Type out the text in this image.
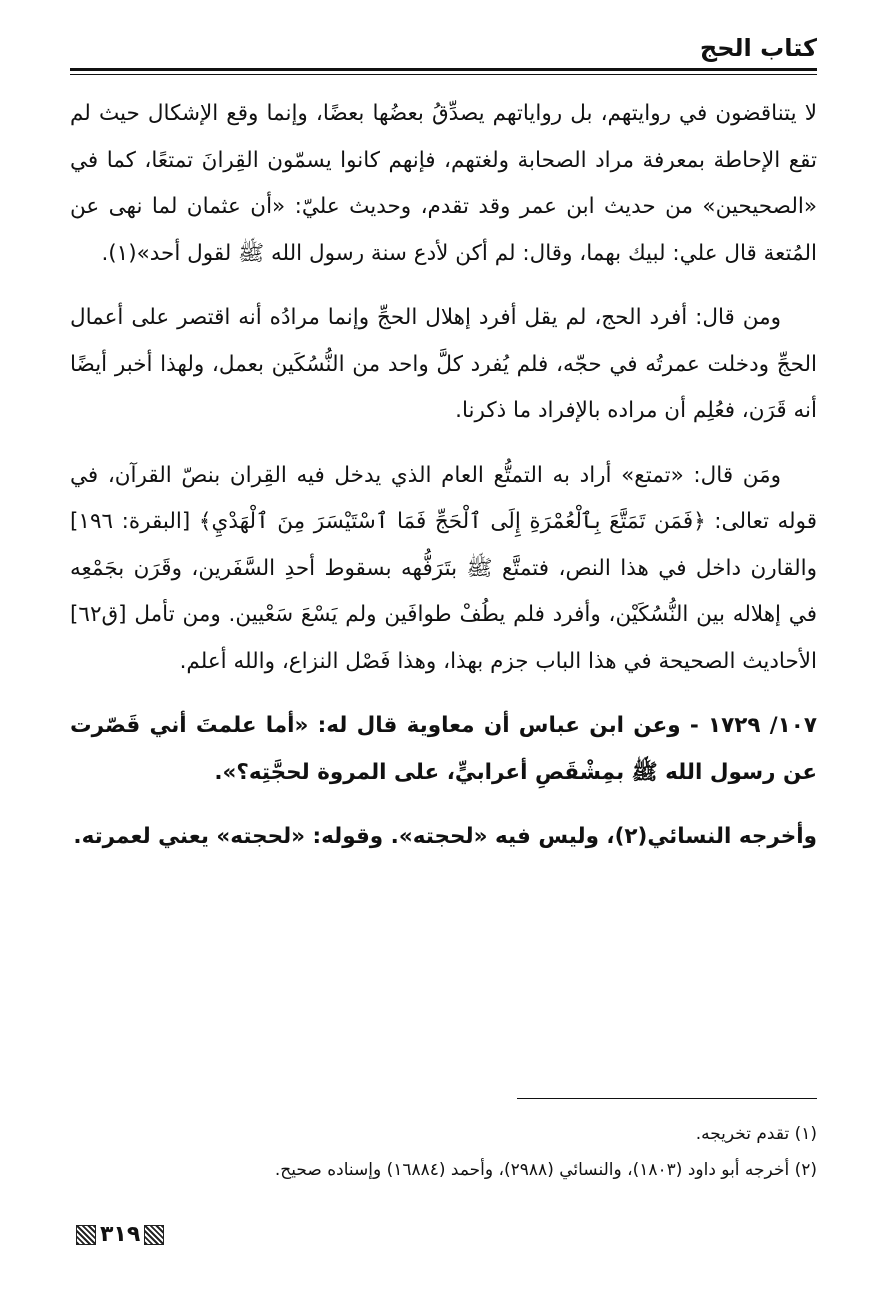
كتاب الحج

لا يتناقضون في روايتهم، بل رواياتهم يصدِّقُ بعضُها بعضًا، وإنما وقع الإشكال حيث لم تقع الإحاطة بمعرفة مراد الصحابة ولغتهم، فإنهم كانوا يسمّون القِرانَ تمتعًا، كما في «الصحيحين» من حديث ابن عمر وقد تقدم، وحديث عليّ: «أن عثمان لما نهى عن المُتعة قال علي: لبيك بهما، وقال: لم أكن لأدع سنة رسول الله ﷺ لقول أحد»(١).

ومن قال: أفرد الحج، لم يقل أفرد إهلال الحجِّ وإنما مرادُه أنه اقتصر على أعمال الحجِّ ودخلت عمرتُه في حجّه، فلم يُفرد كلَّ واحد من النُّسُكَين بعمل، ولهذا أخبر أيضًا أنه قَرَن، فعُلِم أن مراده بالإفراد ما ذكرنا.

ومَن قال: «تمتع» أراد به التمتُّع العام الذي يدخل فيه القِران بنصّ القرآن، في قوله تعالى: ﴿فَمَن تَمَتَّعَ بِٱلْعُمْرَةِ إِلَى ٱلْحَجِّ فَمَا ٱسْتَيْسَرَ مِنَ ٱلْهَدْيِ﴾ [البقرة: ١٩٦] والقارن داخل في هذا النص، فتمتَّع ﷺ بتَرَفُّهه بسقوط أحدِ السَّفَرين، وقَرَن بجَمْعِه في إهلاله بين النُّسُكَيْن، وأفرد فلم يطُفْ طوافَين ولم يَسْعَ سَعْيين. ومن تأمل [ق٦٢] الأحاديث الصحيحة في هذا الباب جزم بهذا، وهذا فَصْل النزاع، والله أعلم.

١٠٧/ ١٧٢٩ - وعن ابن عباس أن معاوية قال له: «أما علمتَ أني قَصّرت عن رسول الله ﷺ بمِشْقَصِ أعرابيٍّ، على المروة لحجَّتِه؟».

وأخرجه النسائي(٢)، وليس فيه «لحجته». وقوله: «لحجته» يعني لعمرته.

(١) تقدم تخريجه.

(٢) أخرجه أبو داود (١٨٠٣)، والنسائي (٢٩٨٨)، وأحمد (١٦٨٨٤) وإسناده صحيح.

٣١٩
